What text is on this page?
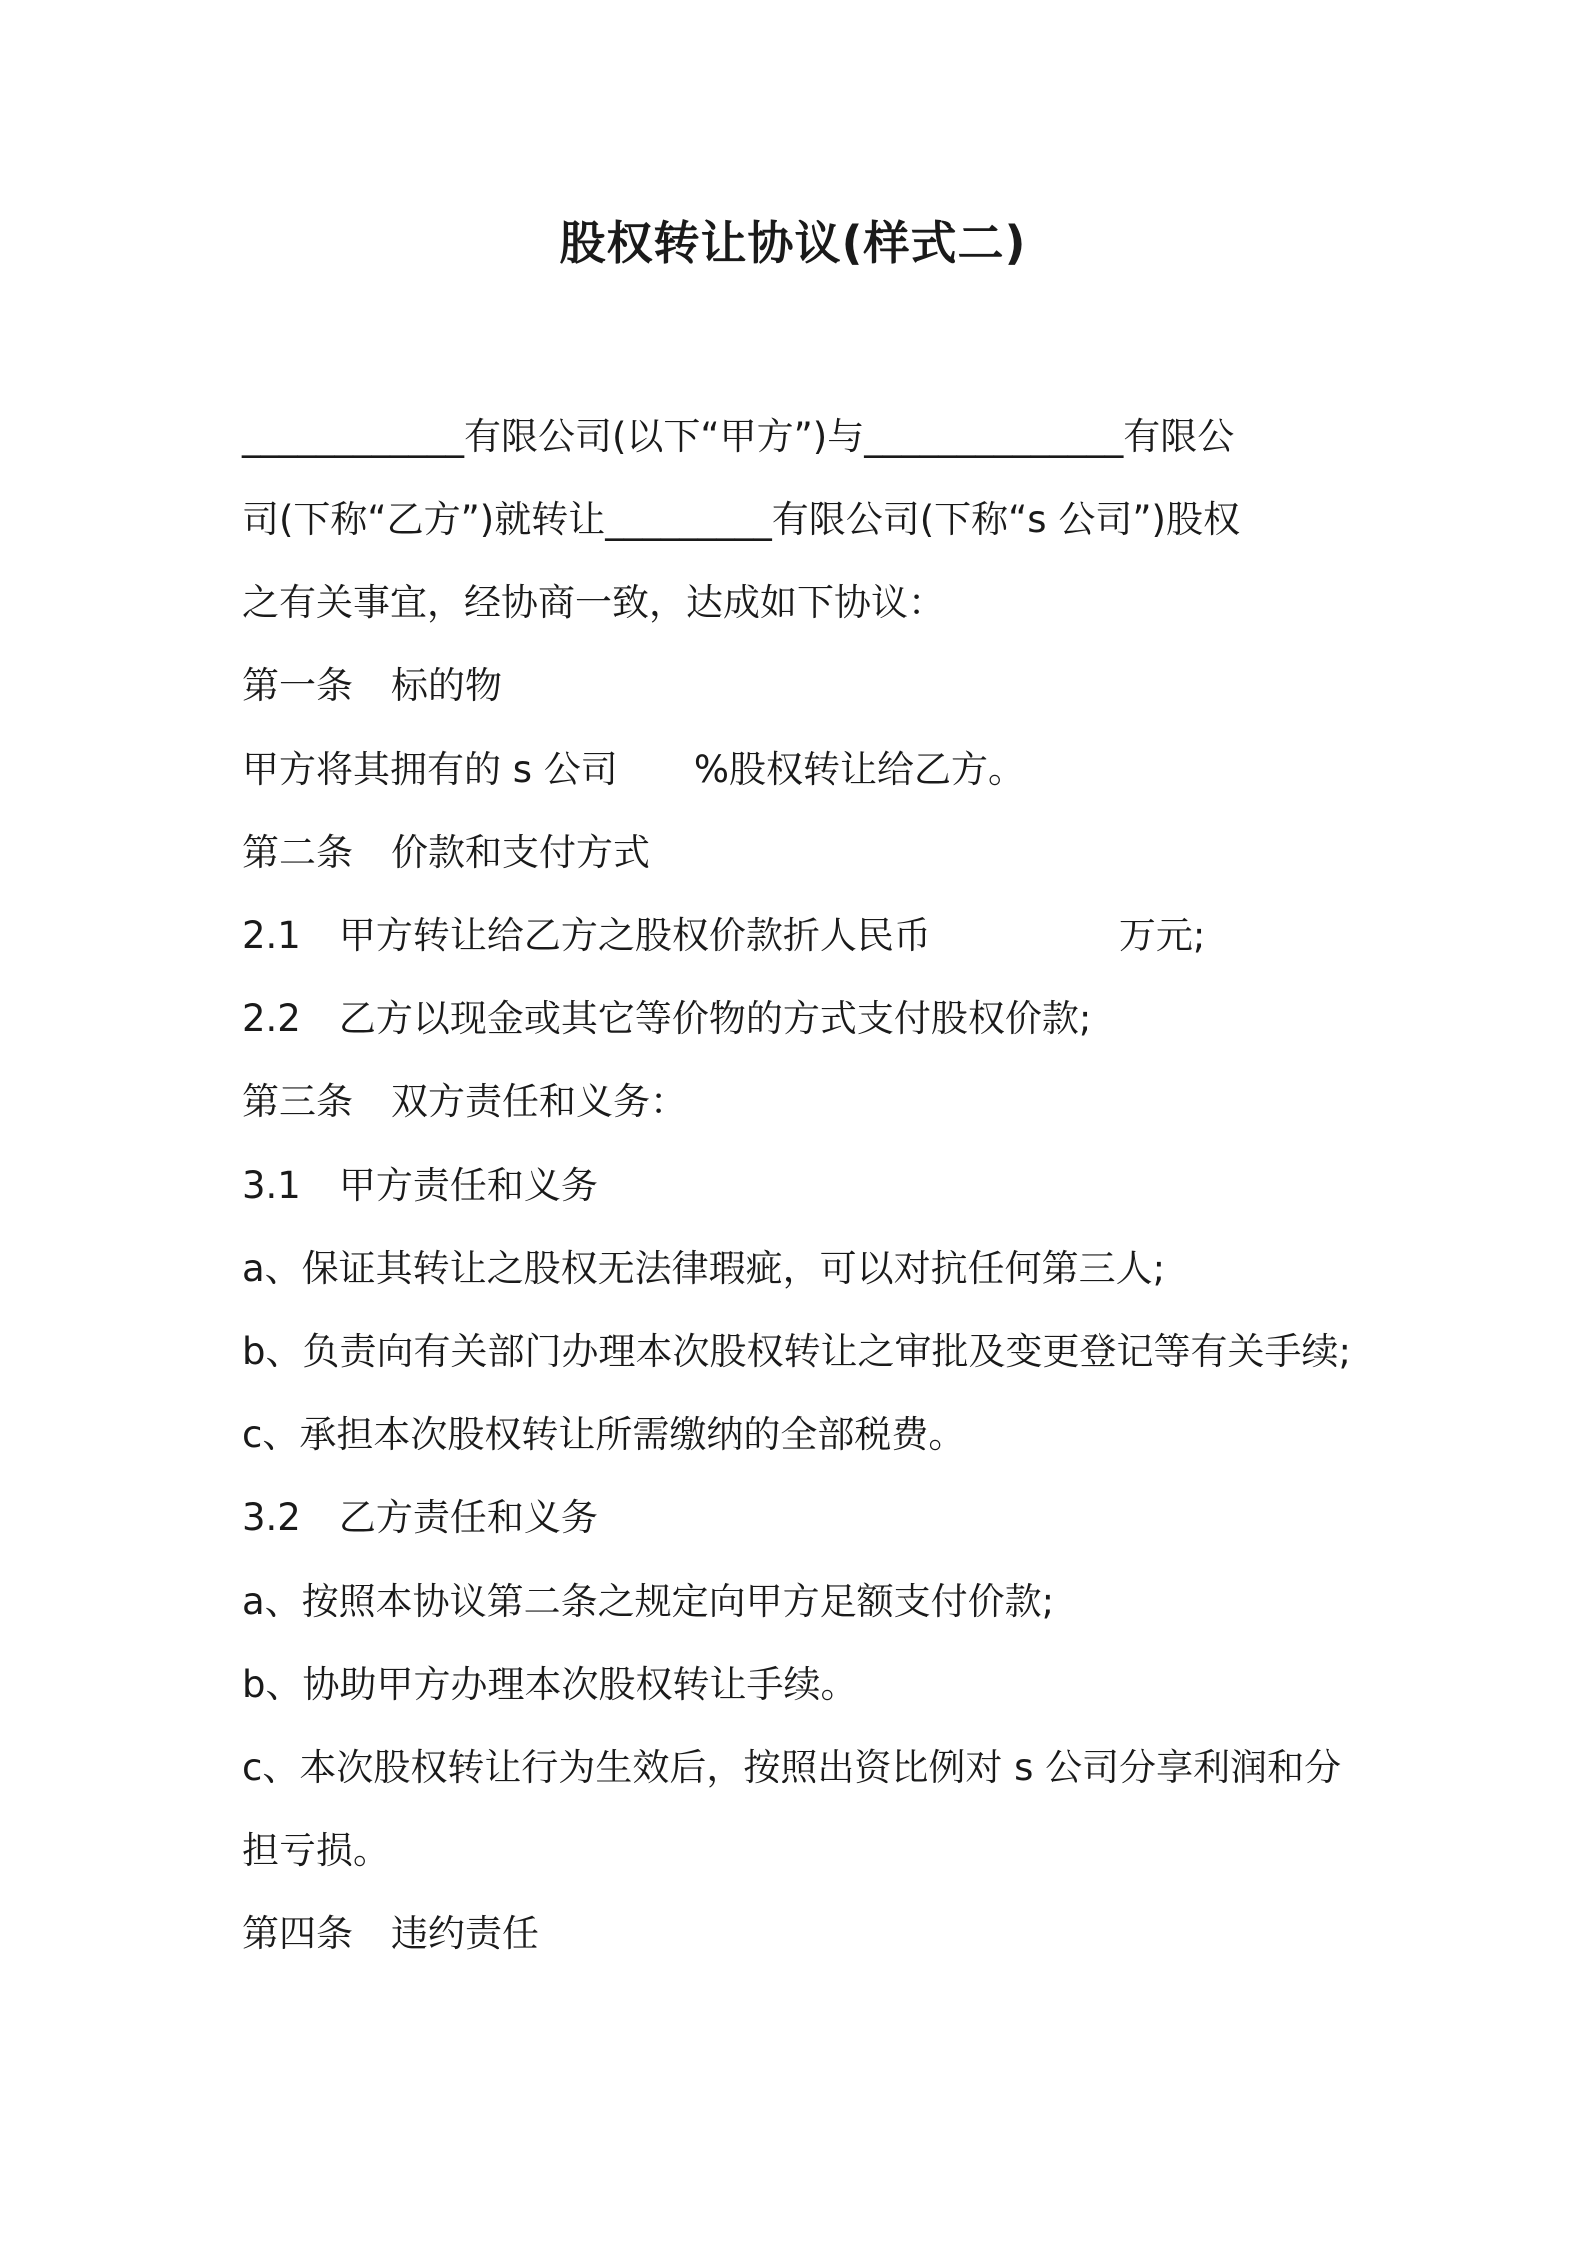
股权转让协议(样式二)
____________有限公司(以下“甲方”)与______________有限公
司(下称“乙方”)就转让_________有限公司(下称“s 公司”)股权
之有关事宜，经协商一致，达成如下协议：
第一条 标的物
甲方将其拥有的 s 公司 %股权转让给乙方。
第二条 价款和支付方式
2.1 甲方转让给乙方之股权价款折人民币	万元;
2.2 乙方以现金或其它等价物的方式支付股权价款;
第三条 双方责任和义务：
3.1 甲方责任和义务
a、保证其转让之股权无法律瑕疵，可以对抗任何第三人;
b、负责向有关部门办理本次股权转让之审批及变更登记等有关手续;
c、承担本次股权转让所需缴纳的全部税费。
3.2 乙方责任和义务
a、按照本协议第二条之规定向甲方足额支付价款;
b、协助甲方办理本次股权转让手续。
c、本次股权转让行为生效后，按照出资比例对 s 公司分享利润和分
担亏损。
第四条 违约责任
